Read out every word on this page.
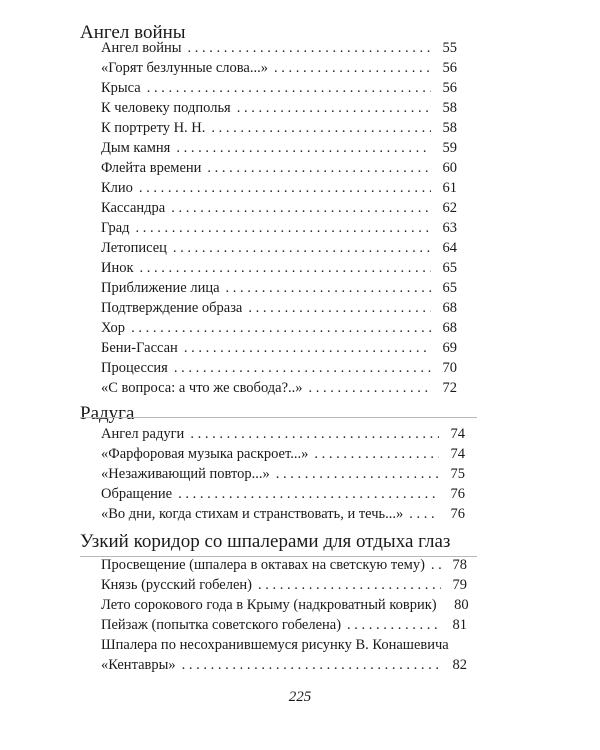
Ангел войны
Ангел войны . . .	55
«Горят безлунные слова...» . . .	56
Крыса . . .	56
К человеку подполья . . .	58
К портрету Н. Н. . . .	58
Дым камня . . .	59
Флейта времени . . .	60
Клио . . .	61
Кассандра . . .	62
Град . . .	63
Летописец . . .	64
Инок . . .	65
Приближение лица . . .	65
Подтверждение образа . . .	68
Хор . . .	68
Бени-Гассан . . .	69
Процессия . . .	70
«С вопроса: а что же свобода?..» . . .	72
Радуга
Ангел радуги . . .	74
«Фарфоровая музыка раскроет...» . . .	74
«Незаживающий повтор...» . . .	75
Обращение . . .	76
«Во дни, когда стихам и странствовать, и течь...» . . .	76
Узкий коридор со шпалерами для отдыха глаз
Просвещение (шпалера в октавах на светскую тему) . . .	78
Князь (русский гобелен) . . .	79
Лето сорокового года в Крыму (надкроватный коврик)	80
Пейзаж (попытка советского гобелена) . . .	81
Шпалера по несохранившемуся рисунку В. Конашевича
«Кентавры» . . .	82
225
